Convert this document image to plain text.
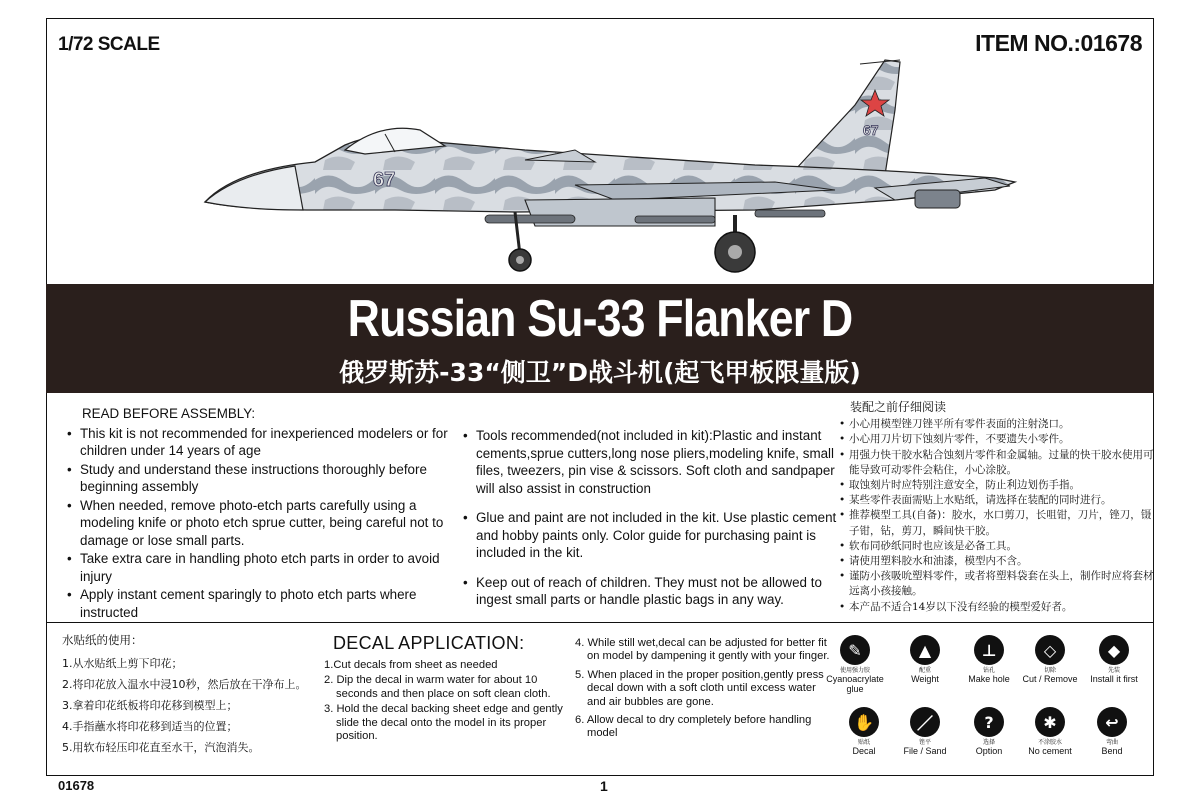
1/72 SCALE	ITEM NO.:01678
67
67
Russian Su-33 Flanker D
俄罗斯苏-33“侧卫”D战斗机(起飞甲板限量版)
READ BEFORE ASSEMBLY:
• This kit is not recommended for inexperienced modelers or for children under 14 years of age
• Study and understand these instructions thoroughly before beginning assembly
• When needed, remove photo-etch parts carefully using a modeling knife or photo etch sprue cutter, being careful not to damage or lose small parts.
• Take extra care in handling photo etch parts in order to avoid injury
• Apply instant cement sparingly to photo etch parts where instructed
• Tools recommended(not included in kit):Plastic and instant cements,sprue cutters,long nose pliers,modeling knife, small files, tweezers, pin vise & scissors. Soft cloth and sandpaper will also assist in construction
• Glue and paint are not included in the kit. Use plastic cement and hobby paints only. Color guide for purchasing paint is included in the kit.
• Keep out of reach of children. They must not be allowed to ingest small parts or handle plastic bags in any way.
装配之前仔细阅读
• 小心用模型锉刀锉平所有零件表面的注射浇口。
• 小心用刀片切下蚀刻片零件，不要遗失小零件。
• 用强力快干胶水粘合蚀刻片零件和金属轴。过量的快干胶水使用可能导致可动零件会粘住，小心涂胶。
• 取蚀刻片时应特别注意安全，防止利边划伤手指。
• 某些零件表面需贴上水贴纸，请选择在装配的同时进行。
• 推荐模型工具(自备)：胶水，水口剪刀，长咀钳，刀片，锉刀，镊子钳，钻，剪刀，瞬间快干胶。
• 软布同砂纸同时也应该是必备工具。
• 请使用塑料胶水和油漆，模型内不含。
• 谨防小孩吸吮塑料零件，或者将塑料袋套在头上，制作时应将套材远离小孩接触。
• 本产品不适合14岁以下没有经验的模型爱好者。
水贴纸的使用：
1.从水贴纸上剪下印花；
2.将印花放入温水中浸10秒，然后放在干净布上。
3.拿着印花纸板将印花移到模型上；
4.手指蘸水将印花移到适当的位置；
5.用软布轻压印花直至水干，汽泡消失。
DECAL APPLICATION:
1.Cut decals from sheet as needed
2. Dip the decal in warm water for about 10 seconds and then place on soft clean cloth.
3. Hold the decal backing sheet edge and gently slide the decal onto the model in its proper position.
4. While still wet,decal can be adjusted for better fit on model by dampening it gently with your finger.
5. When placed in the proper position,gently press decal down with a soft cloth until excess water and air bubbles are gone.
6. Allow decal to dry completely before handling model
✎
使用强力胶
Cyanoacrylate glue
▲
配重
Weight
⊥
钻孔
Make hole
◇
切除
Cut / Remove
◆
先装
Install it first
✋
贴纸
Decal
／
锉平
File / Sand
?
选择
Option
✱
不涂胶水
No cement
↩
弯曲
Bend
01678	1
